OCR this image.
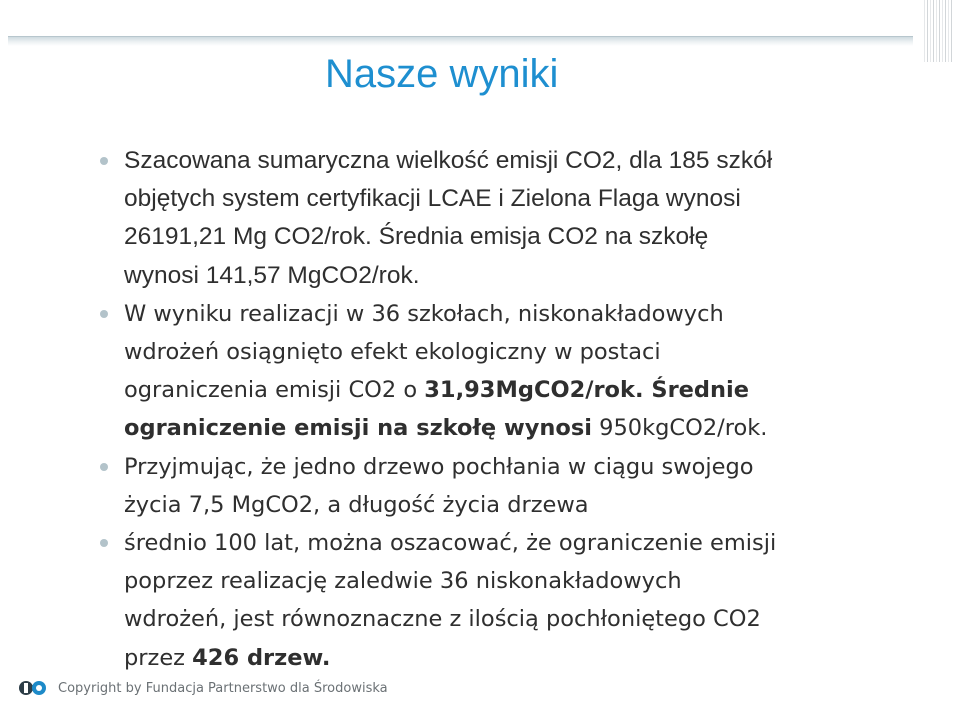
Nasze wyniki
Szacowana sumaryczna wielkość emisji CO2, dla 185 szkół
objętych system certyfikacji LCAE i Zielona Flaga wynosi
26191,21 Mg CO2/rok. Średnia emisja CO2 na szkołę
wynosi 141,57 MgCO2/rok.
W wyniku realizacji w 36 szkołach, niskonakładowych
wdrożeń osiągnięto efekt ekologiczny w postaci
ograniczenia emisji CO2 o 31,93MgCO2/rok. Średnie
ograniczenie emisji na szkołę wynosi 950kgCO2/rok.
Przyjmując, że jedno drzewo pochłania w ciągu swojego
życia 7,5 MgCO2, a długość życia drzewa
średnio 100 lat, można oszacować, że ograniczenie emisji
poprzez realizację zaledwie 36 niskonakładowych
wdrożeń, jest równoznaczne z ilością pochłoniętego CO2
przez 426 drzew.
Copyright by Fundacja Partnerstwo dla Środowiska
